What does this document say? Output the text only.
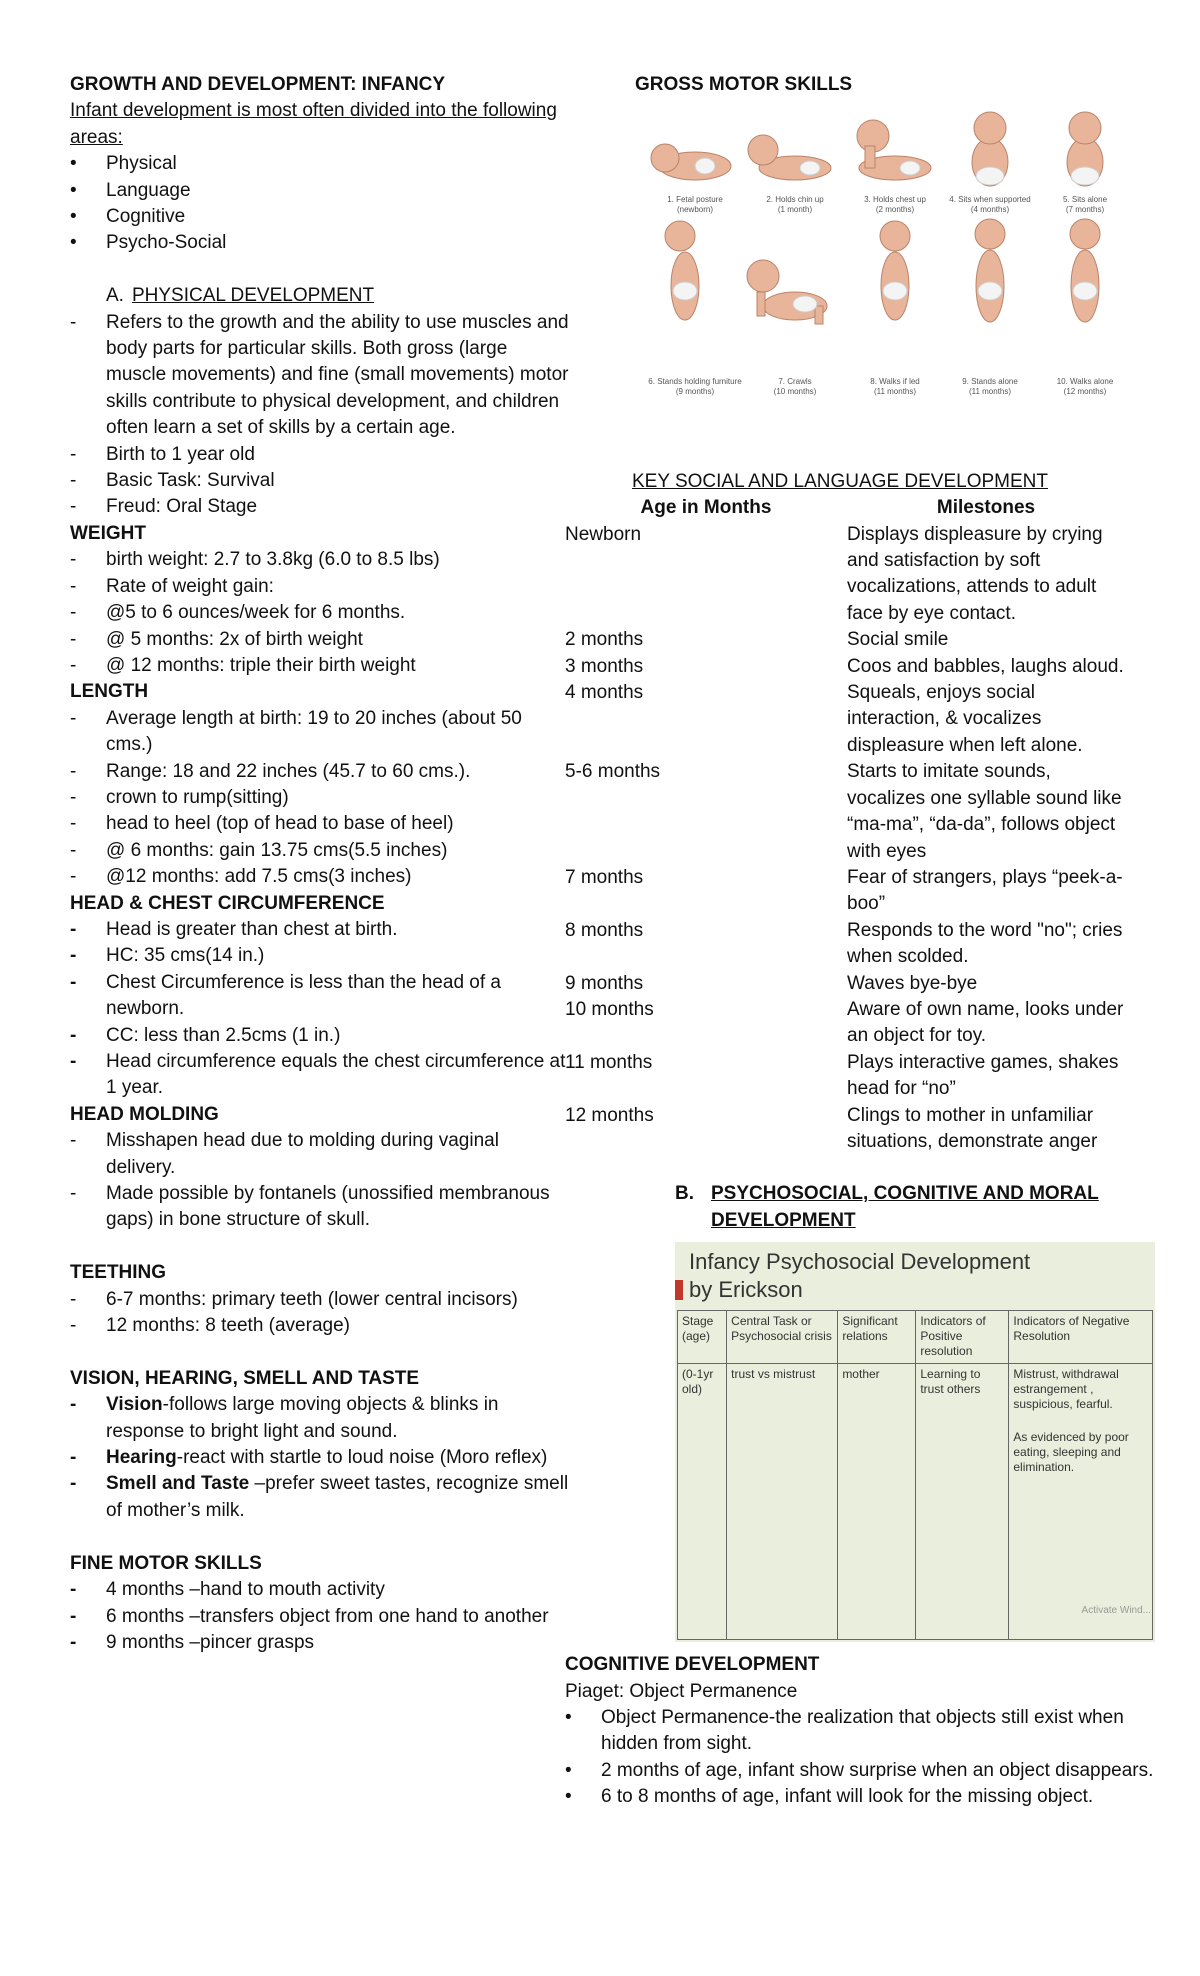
GROWTH AND DEVELOPMENT: INFANCY
Infant development is most often divided into the following areas:
• Physical
• Language
• Cognitive
• Psycho-Social
A. PHYSICAL DEVELOPMENT
- Refers to the growth and the ability to use muscles and body parts for particular skills. Both gross (large muscle movements) and fine (small movements) motor skills contribute to physical development, and children often learn a set of skills by a certain age.
- Birth to 1 year old
- Basic Task: Survival
- Freud: Oral Stage
WEIGHT
- birth weight: 2.7 to 3.8kg (6.0 to 8.5 lbs)
- Rate of weight gain:
- @5 to 6 ounces/week for 6 months.
- @ 5 months: 2x of birth weight
- @ 12 months: triple their birth weight
LENGTH
- Average length at birth: 19 to 20 inches (about 50 cms.)
- Range: 18 and 22 inches (45.7 to 60 cms.).
- crown to rump(sitting)
- head to heel (top of head to base of heel)
- @ 6 months: gain 13.75 cms(5.5 inches)
- @12 months: add 7.5 cms(3 inches)
HEAD & CHEST CIRCUMFERENCE
- Head is greater than chest at birth.
- HC: 35 cms(14 in.)
- Chest Circumference is less than the head of a newborn.
- CC: less than 2.5cms (1 in.)
- Head circumference equals the chest circumference at 1 year.
HEAD MOLDING
- Misshapen head due to molding during vaginal delivery.
- Made possible by fontanels (unossified membranous gaps) in bone structure of skull.
TEETHING
- 6-7 months: primary teeth (lower central incisors)
- 12 months: 8 teeth (average)
VISION, HEARING, SMELL AND TASTE
- Vision-follows large moving objects & blinks in response to bright light and sound.
- Hearing-react with startle to loud noise (Moro reflex)
- Smell and Taste –prefer sweet tastes, recognize smell of mother’s milk.
FINE MOTOR SKILLS
- 4 months –hand to mouth activity
- 6 months –transfers object from one hand to another
- 9 months –pincer grasps
GROSS MOTOR SKILLS
1. Fetal posture
(newborn)
2. Holds chin up
(1 month)
3. Holds chest up
(2 months)
4. Sits when supported
(4 months)
5. Sits alone
(7 months)
6. Stands holding furniture
(9 months)
7. Crawls
(10 months)
8. Walks if led
(11 months)
9. Stands alone
(11 months)
10. Walks alone
(12 months)
KEY SOCIAL AND LANGUAGE DEVELOPMENT
Age in Months	Milestones
Newborn	Displays displeasure by crying and satisfaction by soft vocalizations, attends to adult face by eye contact.
2 months	Social smile
3 months	Coos and babbles, laughs aloud.
4 months	Squeals, enjoys social interaction, & vocalizes displeasure when left alone.
5-6 months	Starts to imitate sounds, vocalizes one syllable sound like “ma-ma”, “da-da”, follows object with eyes
7 months	Fear of strangers, plays “peek-a-boo”
8 months	Responds to the word "no"; cries when scolded.
9 months	Waves bye-bye
10 months	Aware of own name, looks under an object for toy.
11 months	Plays interactive games, shakes head for “no”
12 months	Clings to mother in unfamiliar situations, demonstrate anger
B. PSYCHOSOCIAL, COGNITIVE AND MORAL DEVELOPMENT
Infancy Psychosocial Development
by Erickson
Stage (age)	Central Task or Psychosocial crisis	Significant relations	Indicators of Positive resolution	Indicators of Negative Resolution
(0-1yr old)	trust vs mistrust	mother	Learning to trust others	Mistrust, withdrawal estrangement , suspicious, fearful.
As evidenced by poor eating, sleeping and elimination.
Activate Wind...
COGNITIVE DEVELOPMENT
Piaget: Object Permanence
• Object Permanence-the realization that objects still exist when hidden from sight.
• 2 months of age, infant show surprise when an object disappears.
• 6 to 8 months of age, infant will look for the missing object.
